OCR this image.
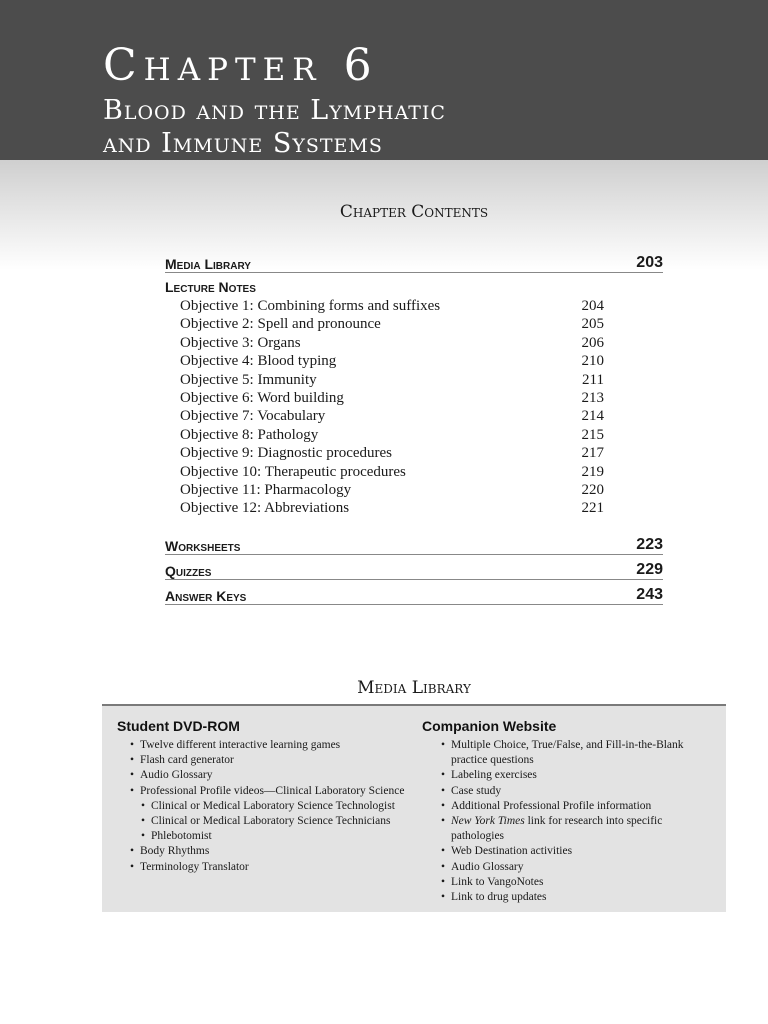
Chapter 6
Blood and the Lymphatic
and Immune Systems
Chapter Contents
Media Library	203
Lecture Notes
Objective 1: Combining forms and suffixes	204
Objective 2: Spell and pronounce	205
Objective 3: Organs	206
Objective 4: Blood typing	210
Objective 5: Immunity	211
Objective 6: Word building	213
Objective 7: Vocabulary	214
Objective 8: Pathology	215
Objective 9: Diagnostic procedures	217
Objective 10: Therapeutic procedures	219
Objective 11: Pharmacology	220
Objective 12: Abbreviations	221
Worksheets	223
Quizzes	229
Answer Keys	243
Media Library
Student DVD-ROM
• Twelve different interactive learning games
• Flash card generator
• Audio Glossary
• Professional Profile videos—Clinical Laboratory Science
• Clinical or Medical Laboratory Science Technologist
• Clinical or Medical Laboratory Science Technicians
• Phlebotomist
• Body Rhythms
• Terminology Translator
Companion Website
• Multiple Choice, True/False, and Fill-in-the-Blank practice questions
• Labeling exercises
• Case study
• Additional Professional Profile information
• New York Times link for research into specific pathologies
• Web Destination activities
• Audio Glossary
• Link to VangoNotes
• Link to drug updates
